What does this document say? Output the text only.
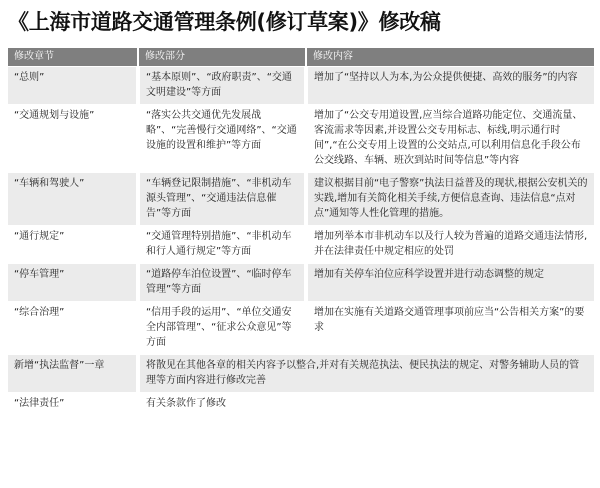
《上海市道路交通管理条例(修订草案)》修改稿
修改章节	修改部分	修改内容
“总则”	“基本原则”、“政府职责”、“交通文明建设”等方面	增加了“坚持以人为本,为公众提供便捷、高效的服务”的内容
“交通规划与设施”	“落实公共交通优先发展战略”、“完善慢行交通网络”、“交通设施的设置和维护”等方面	增加了“公交专用道设置,应当综合道路功能定位、交通流量、客流需求等因素,并设置公交专用标志、标线,明示通行时间”,“在公交专用上设置的公交站点,可以利用信息化手段公布公交线路、车辆、班次到站时间等信息”等内容
“车辆和驾驶人”	“车辆登记限制措施”、“非机动车源头管理”、“交通违法信息催告”等方面	建议根据目前“电子警察”执法日益普及的现状,根据公安机关的实践,增加有关简化相关手续,方便信息查询、违法信息“点对点”通知等人性化管理的措施。
“通行规定”	“交通管理特别措施”、“非机动车和行人通行规定”等方面	增加列举本市非机动车以及行人较为普遍的道路交通违法情形,并在法律责任中规定相应的处罚
“停车管理”	“道路停车泊位设置”、“临时停车管理”等方面	增加有关停车泊位应科学设置并进行动态调整的规定
“综合治理”	“信用手段的运用”、“单位交通安全内部管理”、“征求公众意见”等方面	增加在实施有关道路交通管理事项前应当“公告相关方案”的要求
新增“执法监督”一章	将散见在其他各章的相关内容予以整合,并对有关规范执法、便民执法的规定、对警务辅助人员的管理等方面内容进行修改完善	
“法律责任”	有关条款作了修改	
